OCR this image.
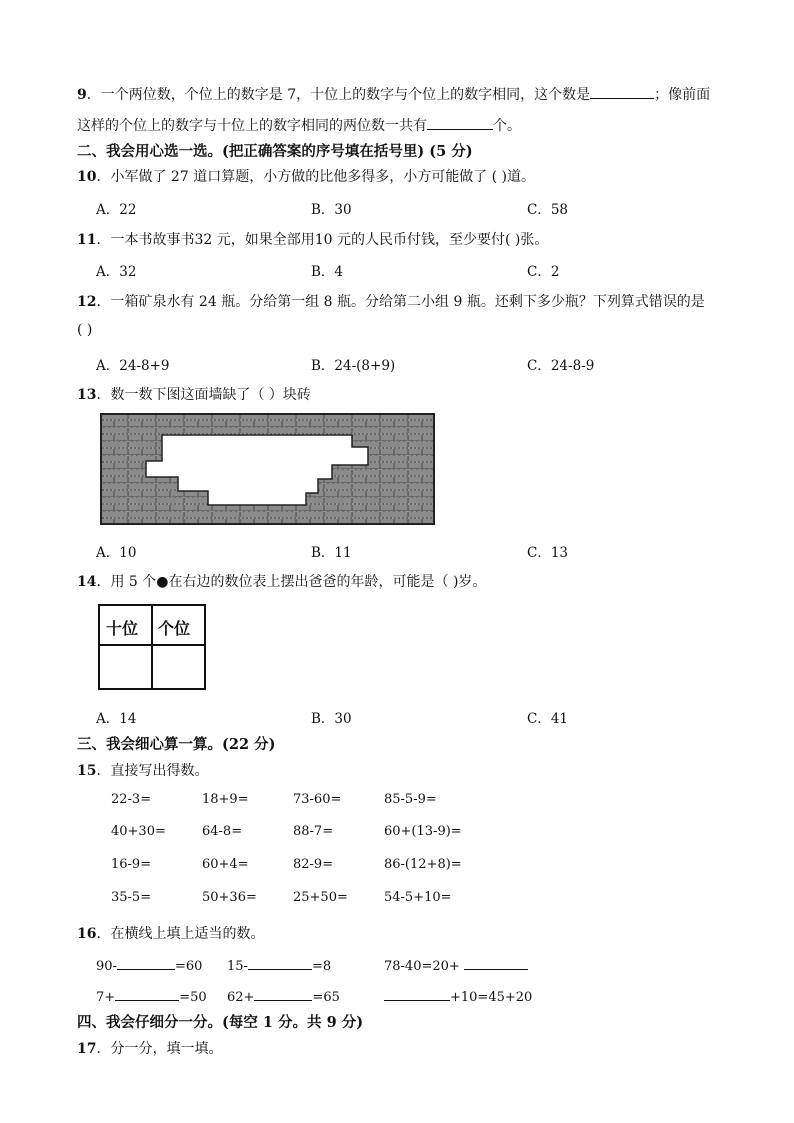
9．一个两位数，个位上的数字是 7，十位上的数字与个位上的数字相同，这个数是	；像前面
这样的个位上的数字与十位上的数字相同的两位数一共有	个。
二、我会用心选一选。(把正确答案的序号填在括号里) (5 分)
10．小军做了 27 道口算题，小方做的比他多得多，小方可能做了 ( )道。
A．22	B．30	C．58
11．一本书故事书32 元，如果全部用10 元的人民币付钱，至少要付( )张。
A．32	B．4	C．2
12．一箱矿泉水有 24 瓶。分给第一组 8 瓶。分给第二小组 9 瓶。还剩下多少瓶？下列算式错误的是
( )
A．24-8+9	B．24-(8+9)	C．24-8-9
13．数一数下图这面墙缺了（ ）块砖
A．10	B．11	C．13
14．用 5 个●在右边的数位表上摆出爸爸的年龄，可能是（ )岁。
十位 个位
A．14	B．30	C．41
三、我会细心算一算。(22 分)
15．直接写出得数。
22-3=	18+9=	73-60=	85-5-9=
40+30=	64-8=	88-7=	60+(13-9)=
16-9=	60+4=	82-9=	86-(12+8)=
35-5=	50+36=	25+50=	54-5+10=
16．在横线上填上适当的数。
90-	=60 15-	=8	78-40=20+
7+	=50 62+	=65	+10=45+20
四、我会仔细分一分。(每空 1 分。共 9 分)
17．分一分，填一填。
